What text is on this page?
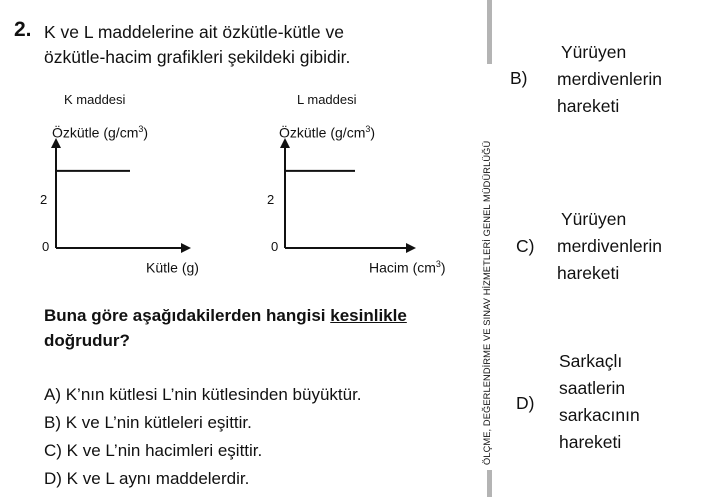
2. K ve L maddelerine ait özkütle-kütle ve
özkütle-hacim grafikleri şekildeki gibidir.
K maddesi
Özkütle $(g/cm^3)$
2
0
Kütle (g)
L maddesi
Özkütle $(g/cm^3)$
2
0
Hacim $(cm^3)$
Buna göre aşağıdakilerden hangisi kesinlikle
doğrudur?
A) K’nın kütlesi L’nin kütlesinden büyüktür.
B) K ve L’nin kütleleri eşittir.
C) K ve L’nin hacimleri eşittir.
D) K ve L aynı maddelerdir.
ÖLÇME, DEĞERLENDİRME VE SINAV HİZMETLERİ GENEL MÜDÜRLÜĞÜ
B)
Yürüyen
merdivenlerin
hareketi
C)
Yürüyen
merdivenlerin
hareketi
D)
Sarkaçlı
saatlerin
sarkacının
hareketi
